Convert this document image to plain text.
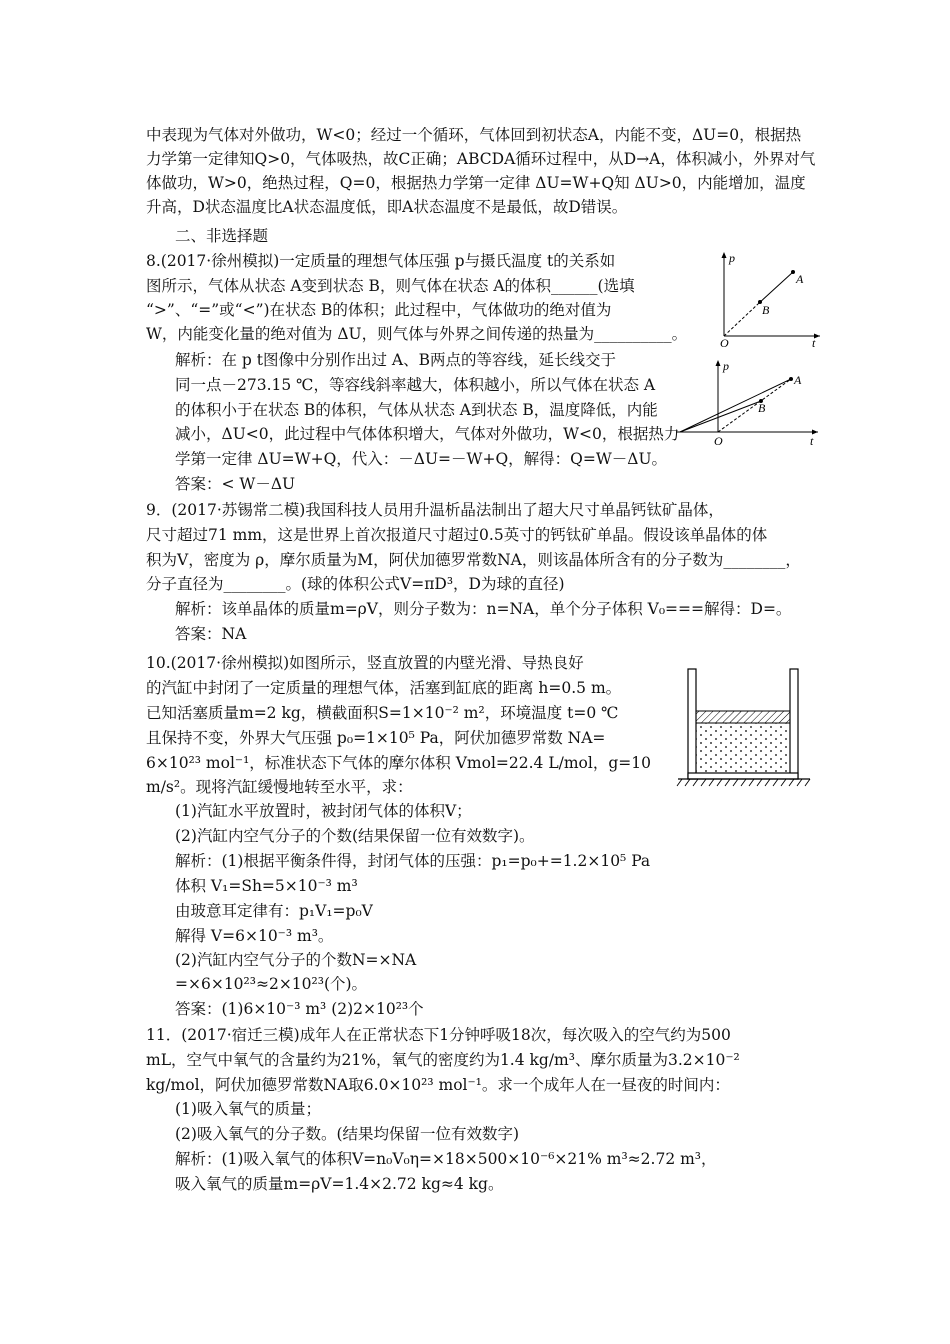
中表现为气体对外做功，W<0；经过一个循环，气体回到初状态A，内能不变，ΔU=0，根据热
力学第一定律知Q>0，气体吸热，故C正确；ABCDA循环过程中，从D→A，体积减小，外界对气
体做功，W>0，绝热过程，Q=0，根据热力学第一定律 ΔU=W+Q知 ΔU>0，内能增加，温度
升高，D状态温度比A状态温度低，即A状态温度不是最低，故D错误。
二、非选择题
8.(2017·徐州模拟)一定质量的理想气体压强 p与摄氏温度 t的关系如
图所示，气体从状态 A变到状态 B，则气体在状态 A的体积______(选填
“>”、“=”或“<”)在状态 B的体积；此过程中，气体做功的绝对值为
W，内能变化量的绝对值为 ΔU，则气体与外界之间传递的热量为__________。
解析：在 p t图像中分别作出过 A、B两点的等容线，延长线交于
同一点－273.15 ℃，等容线斜率越大，体积越小，所以气体在状态 A
的体积小于在状态 B的体积，气体从状态 A到状态 B，温度降低，内能
减小，ΔU<0，此过程中气体体积增大，气体对外做功，W<0，根据热力
学第一定律 ΔU=W+Q，代入：－ΔU=－W+Q，解得：Q=W－ΔU。
答案：< W－ΔU
9．(2017·苏锡常二模)我国科技人员用升温析晶法制出了超大尺寸单晶钙钛矿晶体，
尺寸超过71 mm，这是世界上首次报道尺寸超过0.5英寸的钙钛矿单晶。假设该单晶体的体
积为V，密度为 ρ，摩尔质量为M，阿伏加德罗常数NA，则该晶体所含有的分子数为________，
分子直径为________。(球的体积公式V=πD³，D为球的直径)
解析：该单晶体的质量m=ρV，则分子数为：n=NA，单个分子体积 V₀===解得：D=。
答案：NA
10.(2017·徐州模拟)如图所示，竖直放置的内壁光滑、导热良好
的汽缸中封闭了一定质量的理想气体，活塞到缸底的距离 h=0.5 m。
已知活塞质量m=2 kg，横截面积S=1×10⁻² m²，环境温度 t=0 ℃
且保持不变，外界大气压强 p₀=1×10⁵ Pa，阿伏加德罗常数 NA=
6×10²³ mol⁻¹，标准状态下气体的摩尔体积 Vmol=22.4 L/mol，g=10
m/s²。现将汽缸缓慢地转至水平，求：
(1)汽缸水平放置时，被封闭气体的体积V；
(2)汽缸内空气分子的个数(结果保留一位有效数字)。
解析：(1)根据平衡条件得，封闭气体的压强：p₁=p₀+=1.2×10⁵ Pa
体积 V₁=Sh=5×10⁻³ m³
由玻意耳定律有：p₁V₁=p₀V
解得 V=6×10⁻³ m³。
(2)汽缸内空气分子的个数N=×NA
=×6×10²³≈2×10²³(个)。
答案：(1)6×10⁻³ m³ (2)2×10²³个
11．(2017·宿迁三模)成年人在正常状态下1分钟呼吸18次，每次吸入的空气约为500
mL，空气中氧气的含量约为21%，氧气的密度约为1.4 kg/m³、摩尔质量为3.2×10⁻²
kg/mol，阿伏加德罗常数NA取6.0×10²³ mol⁻¹。求一个成年人在一昼夜的时间内：
(1)吸入氧气的质量；
(2)吸入氧气的分子数。(结果均保留一位有效数字)
解析：(1)吸入氧气的体积V=n₀V₀η=×18×500×10⁻⁶×21% m³≈2.72 m³，
吸入氧气的质量m=ρV=1.4×2.72 kg≈4 kg。
p
t
O
A
B
p
t
O
A
B
